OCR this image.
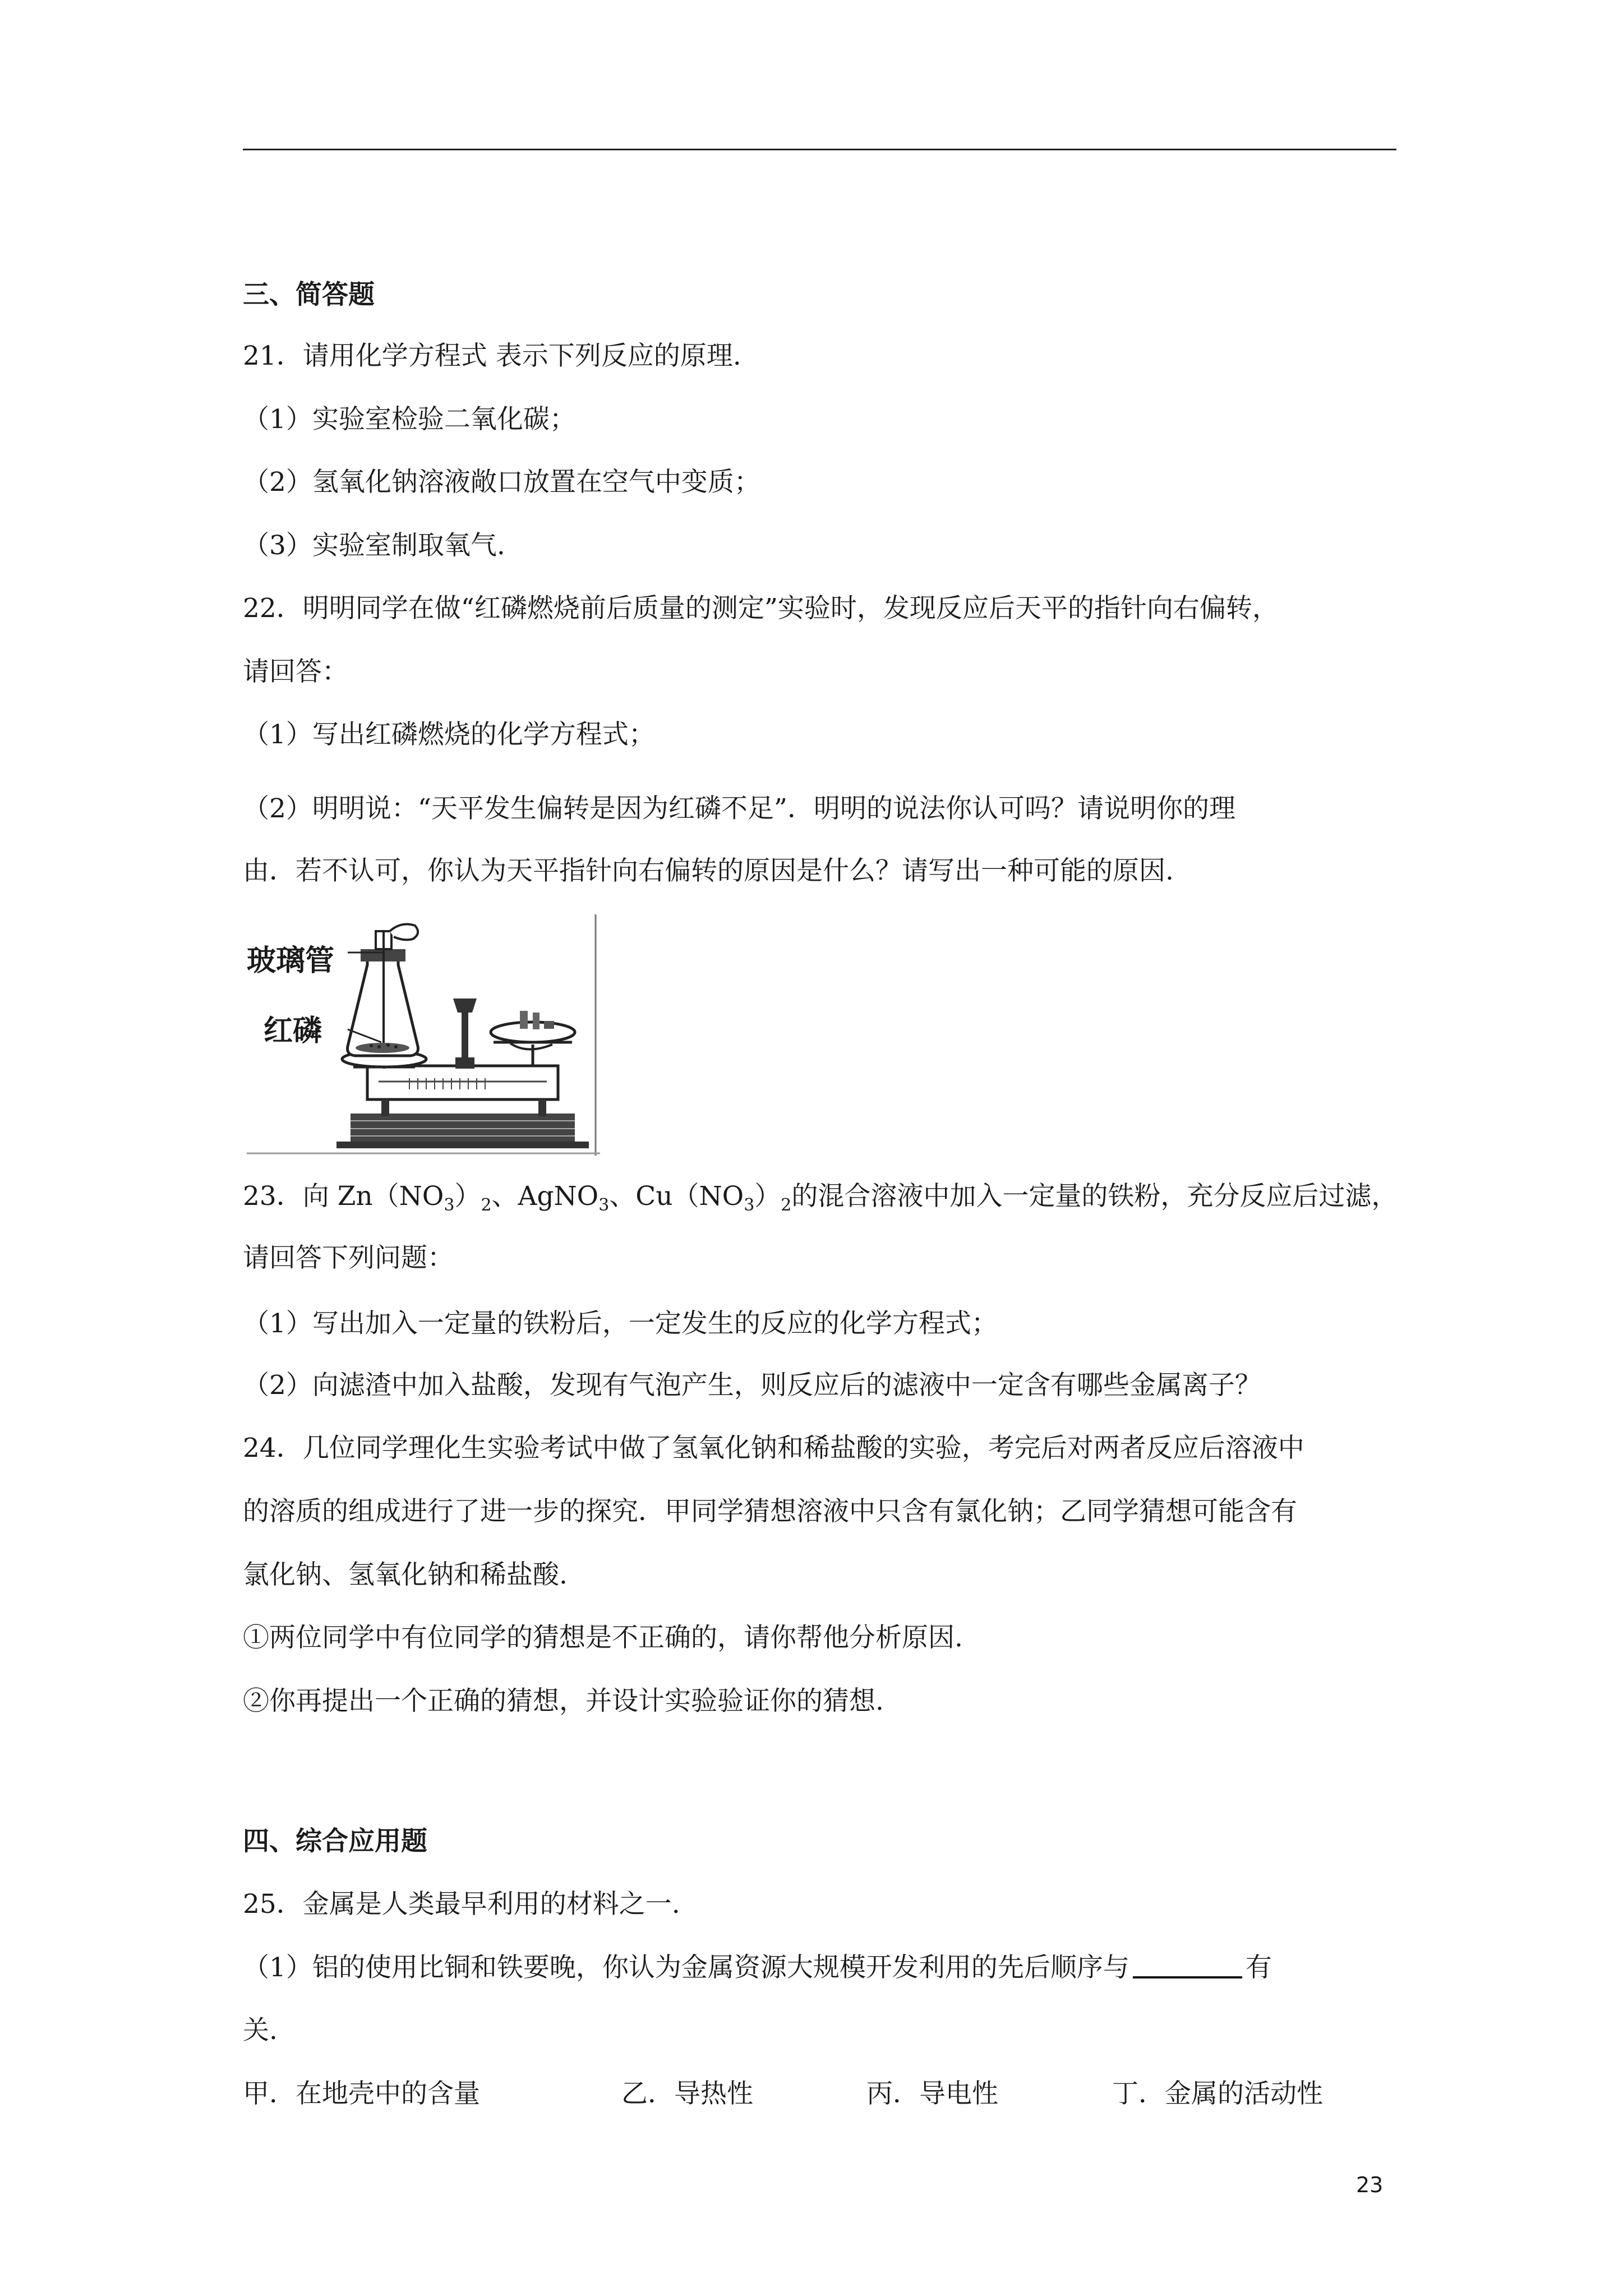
三、简答题
21．请用化学方程式 表示下列反应的原理.
（1）实验室检验二氧化碳；
（2）氢氧化钠溶液敞口放置在空气中变质；
（3）实验室制取氧气.
22．明明同学在做“红磷燃烧前后质量的测定”实验时，发现反应后天平的指针向右偏转，
请回答：
（1）写出红磷燃烧的化学方程式；
（2）明明说：“天平发生偏转是因为红磷不足”．明明的说法你认可吗？请说明你的理
由．若不认可，你认为天平指针向右偏转的原因是什么？请写出一种可能的原因.
玻璃管
红磷
23．向 $Zn(NO_3)_2$、AgNO$_3$、$Cu(NO_3)_2$的混合溶液中加入一定量的铁粉，充分反应后过滤，
请回答下列问题：
（1）写出加入一定量的铁粉后，一定发生的反应的化学方程式；
（2）向滤渣中加入盐酸，发现有气泡产生，则反应后的滤液中一定含有哪些金属离子？
24．几位同学理化生实验考试中做了氢氧化钠和稀盐酸的实验，考完后对两者反应后溶液中
的溶质的组成进行了进一步的探究．甲同学猜想溶液中只含有氯化钠；乙同学猜想可能含有
氯化钠、氢氧化钠和稀盐酸.
①两位同学中有位同学的猜想是不正确的，请你帮他分析原因.
②你再提出一个正确的猜想，并设计实验验证你的猜想.
四、综合应用题
25．金属是人类最早利用的材料之一.
（1）铝的使用比铜和铁要晚，你认为金属资源大规模开发利用的先后顺序与	有
关.
甲．在地壳中的含量	乙．导热性	丙．导电性	丁．金属的活动性
23
